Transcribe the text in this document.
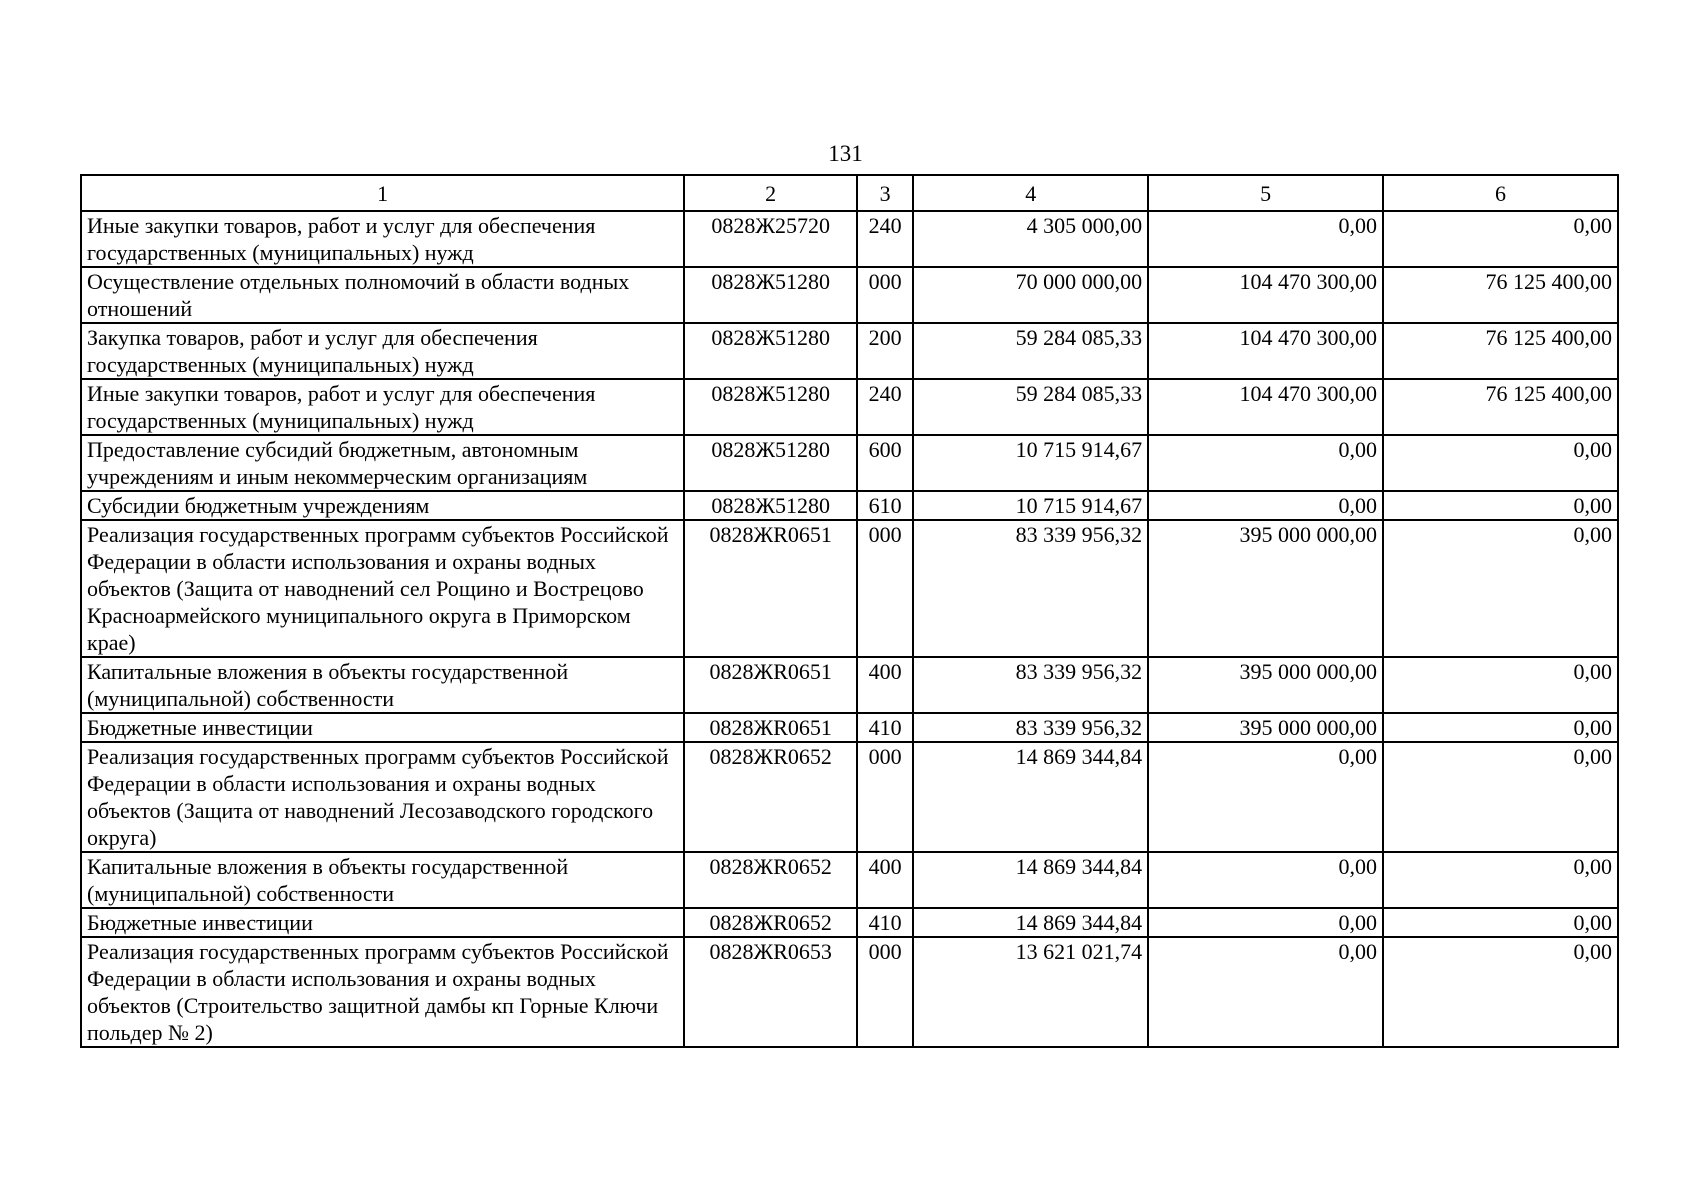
131
1	2	3	4	5	6
Иные закупки товаров, работ и услуг для обеспечения государственных (муниципальных) нужд	0828Ж25720	240	4 305 000,00	0,00	0,00
Осуществление отдельных полномочий в области водных отношений	0828Ж51280	000	70 000 000,00	104 470 300,00	76 125 400,00
Закупка товаров, работ и услуг для обеспечения государственных (муниципальных) нужд	0828Ж51280	200	59 284 085,33	104 470 300,00	76 125 400,00
Иные закупки товаров, работ и услуг для обеспечения государственных (муниципальных) нужд	0828Ж51280	240	59 284 085,33	104 470 300,00	76 125 400,00
Предоставление субсидий бюджетным, автономным учреждениям и иным некоммерческим организациям	0828Ж51280	600	10 715 914,67	0,00	0,00
Субсидии бюджетным учреждениям	0828Ж51280	610	10 715 914,67	0,00	0,00
Реализация государственных программ субъектов Российской Федерации в области использования и охраны водных объектов (Защита от наводнений сел Рощино и Вострецово Красноармейского муниципального округа в Приморском крае)	0828ЖR0651	000	83 339 956,32	395 000 000,00	0,00
Капитальные вложения в объекты государственной (муниципальной) собственности	0828ЖR0651	400	83 339 956,32	395 000 000,00	0,00
Бюджетные инвестиции	0828ЖR0651	410	83 339 956,32	395 000 000,00	0,00
Реализация государственных программ субъектов Российской Федерации в области использования и охраны водных объектов (Защита от наводнений Лесозаводского городского округа)	0828ЖR0652	000	14 869 344,84	0,00	0,00
Капитальные вложения в объекты государственной (муниципальной) собственности	0828ЖR0652	400	14 869 344,84	0,00	0,00
Бюджетные инвестиции	0828ЖR0652	410	14 869 344,84	0,00	0,00
Реализация государственных программ субъектов Российской Федерации в области использования и охраны водных объектов (Строительство защитной дамбы кп Горные Ключи польдер № 2)	0828ЖR0653	000	13 621 021,74	0,00	0,00
